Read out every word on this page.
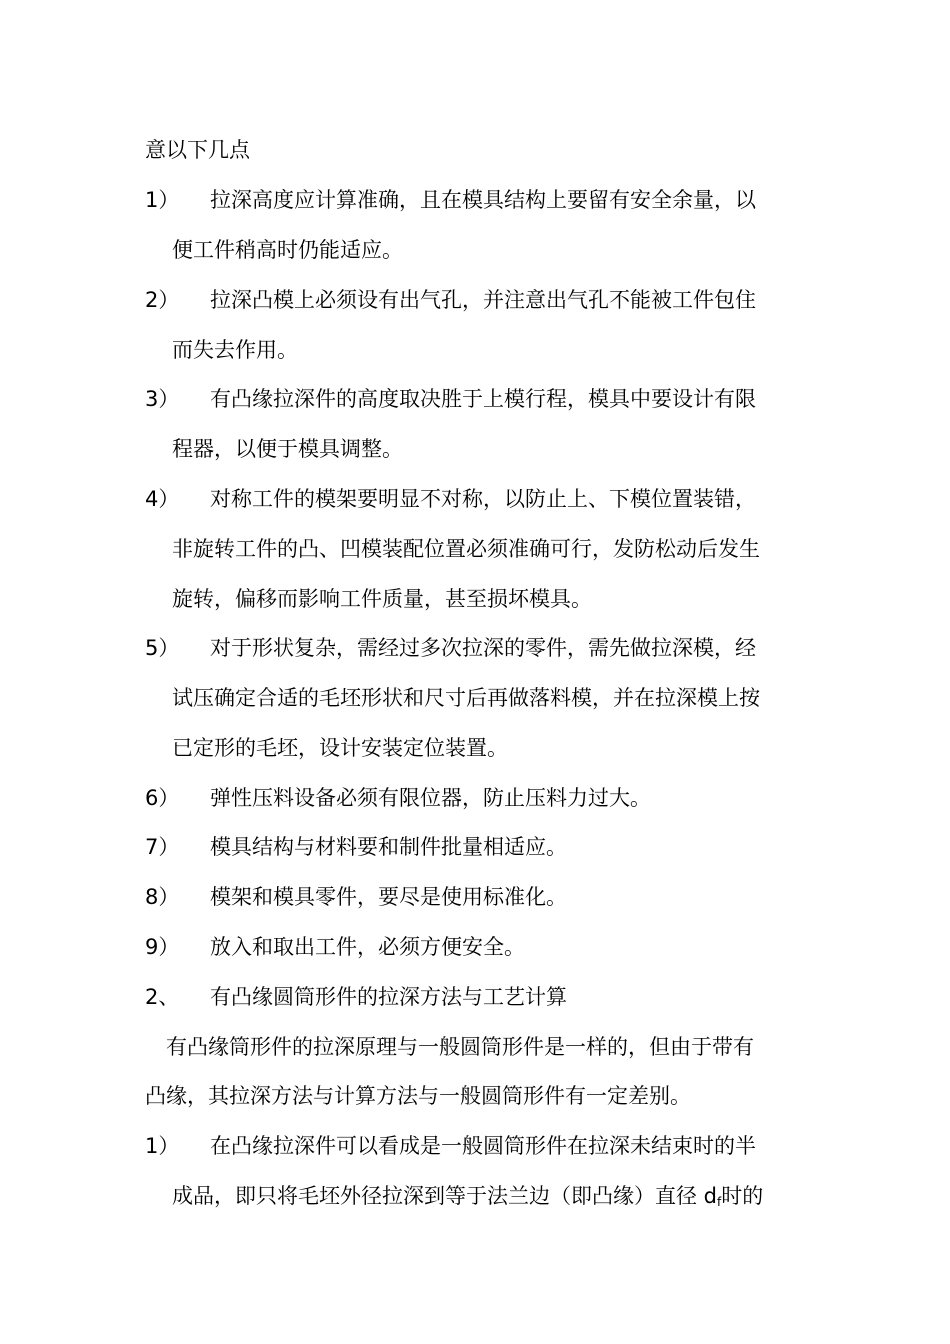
意以下几点
1） 拉深高度应计算准确，且在模具结构上要留有安全余量，以
便工件稍高时仍能适应。
2） 拉深凸模上必须设有出气孔，并注意出气孔不能被工件包住
而失去作用。
3） 有凸缘拉深件的高度取决胜于上模行程，模具中要设计有限
程器，以便于模具调整。
4） 对称工件的模架要明显不对称，以防止上、下模位置装错，
非旋转工件的凸、凹模装配位置必须准确可行，发防松动后发生
旋转，偏移而影响工件质量，甚至损坏模具。
5） 对于形状复杂，需经过多次拉深的零件，需先做拉深模，经
试压确定合适的毛坯形状和尺寸后再做落料模，并在拉深模上按
已定形的毛坯，设计安装定位装置。
6） 弹性压料设备必须有限位器，防止压料力过大。
7） 模具结构与材料要和制件批量相适应。
8） 模架和模具零件，要尽是使用标准化。
9） 放入和取出工件，必须方便安全。
2、 有凸缘圆筒形件的拉深方法与工艺计算
有凸缘筒形件的拉深原理与一般圆筒形件是一样的，但由于带有
凸缘，其拉深方法与计算方法与一般圆筒形件有一定差别。
1） 在凸缘拉深件可以看成是一般圆筒形件在拉深未结束时的半
成品，即只将毛坯外径拉深到等于法兰边（即凸缘）直径 $d_f$时的
